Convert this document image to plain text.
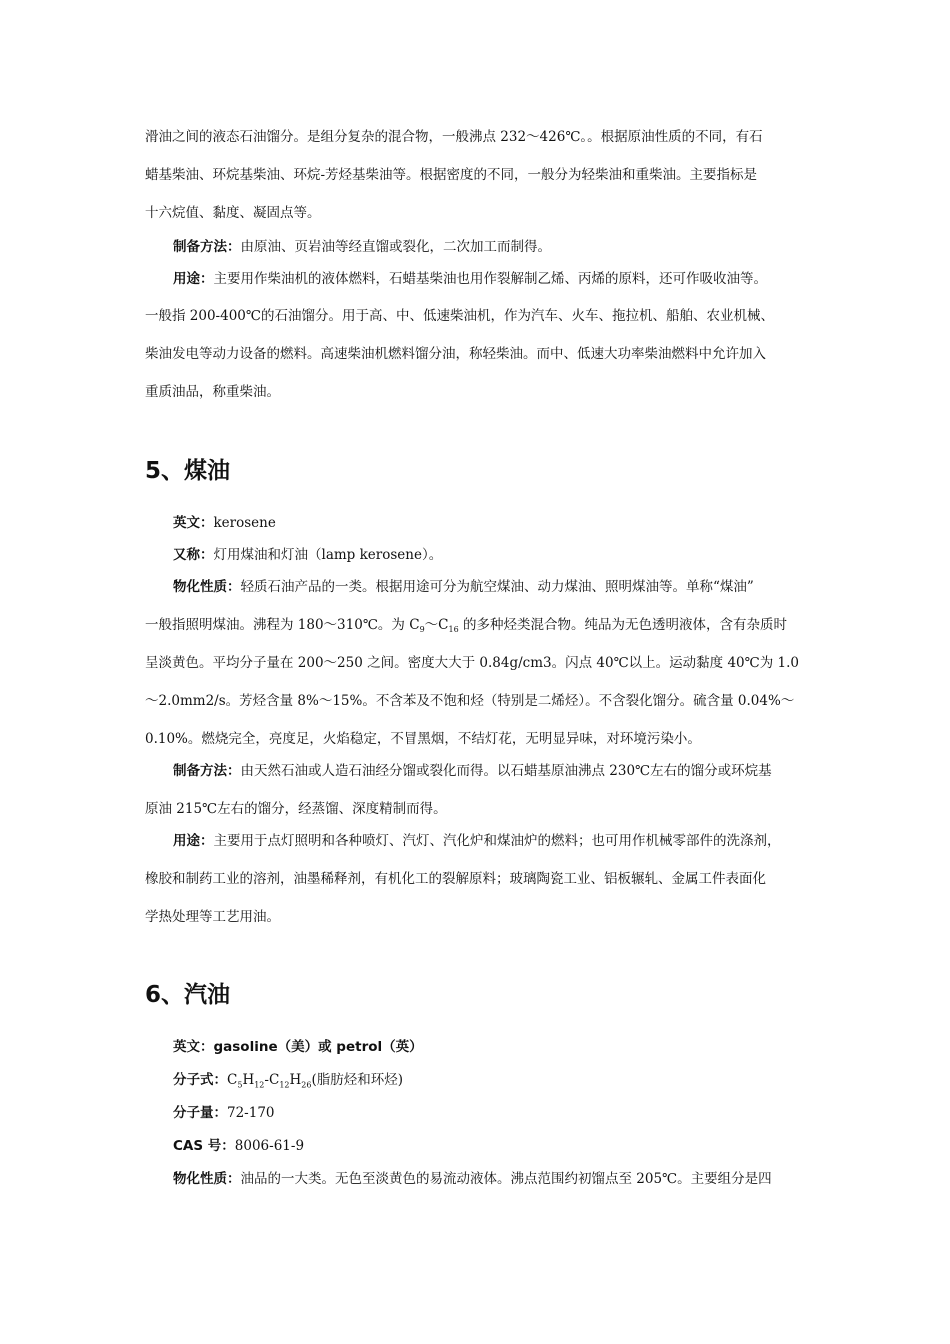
滑油之间的液态石油馏分。是组分复杂的混合物，一般沸点 232～426℃。。根据原油性质的不同，有石
蜡基柴油、环烷基柴油、环烷-芳烃基柴油等。根据密度的不同，一般分为轻柴油和重柴油。主要指标是
十六烷值、黏度、凝固点等。
制备方法：由原油、页岩油等经直馏或裂化，二次加工而制得。
用途：主要用作柴油机的液体燃料，石蜡基柴油也用作裂解制乙烯、丙烯的原料，还可作吸收油等。
一般指 200-400℃的石油馏分。用于高、中、低速柴油机，作为汽车、火车、拖拉机、船舶、农业机械、
柴油发电等动力设备的燃料。高速柴油机燃料馏分油，称轻柴油。而中、低速大功率柴油燃料中允许加入
重质油品，称重柴油。
5、煤油
英文：kerosene
又称：灯用煤油和灯油（lamp kerosene）。
物化性质：轻质石油产品的一类。根据用途可分为航空煤油、动力煤油、照明煤油等。单称“煤油”
一般指照明煤油。沸程为 180～310℃。为 $C_9\sim C_{16}$ 的多种烃类混合物。纯品为无色透明液体，含有杂质时
呈淡黄色。平均分子量在 200～250 之间。密度大大于 0.84g/cm3。闪点 40℃以上。运动黏度 40℃为 1.0
～2.0mm2/s。芳烃含量 8%～15%。不含苯及不饱和烃（特别是二烯烃）。不含裂化馏分。硫含量 0.04%～
0.10%。燃烧完全，亮度足，火焰稳定，不冒黑烟，不结灯花，无明显异味，对环境污染小。
制备方法：由天然石油或人造石油经分馏或裂化而得。以石蜡基原油沸点 230℃左右的馏分或环烷基
原油 215℃左右的馏分，经蒸馏、深度精制而得。
用途：主要用于点灯照明和各种喷灯、汽灯、汽化炉和煤油炉的燃料；也可用作机械零部件的洗涤剂，
橡胶和制药工业的溶剂，油墨稀释剂，有机化工的裂解原料；玻璃陶瓷工业、铝板辗轧、金属工件表面化
学热处理等工艺用油。
6、汽油
英文：gasoline（美）或 petrol（英）
分子式：$C_5H_{12}-C_{12}H_{26}$(脂肪烃和环烃)
分子量：72-170
CAS 号：8006-61-9
物化性质：油品的一大类。无色至淡黄色的易流动液体。沸点范围约初馏点至 205℃。主要组分是四
